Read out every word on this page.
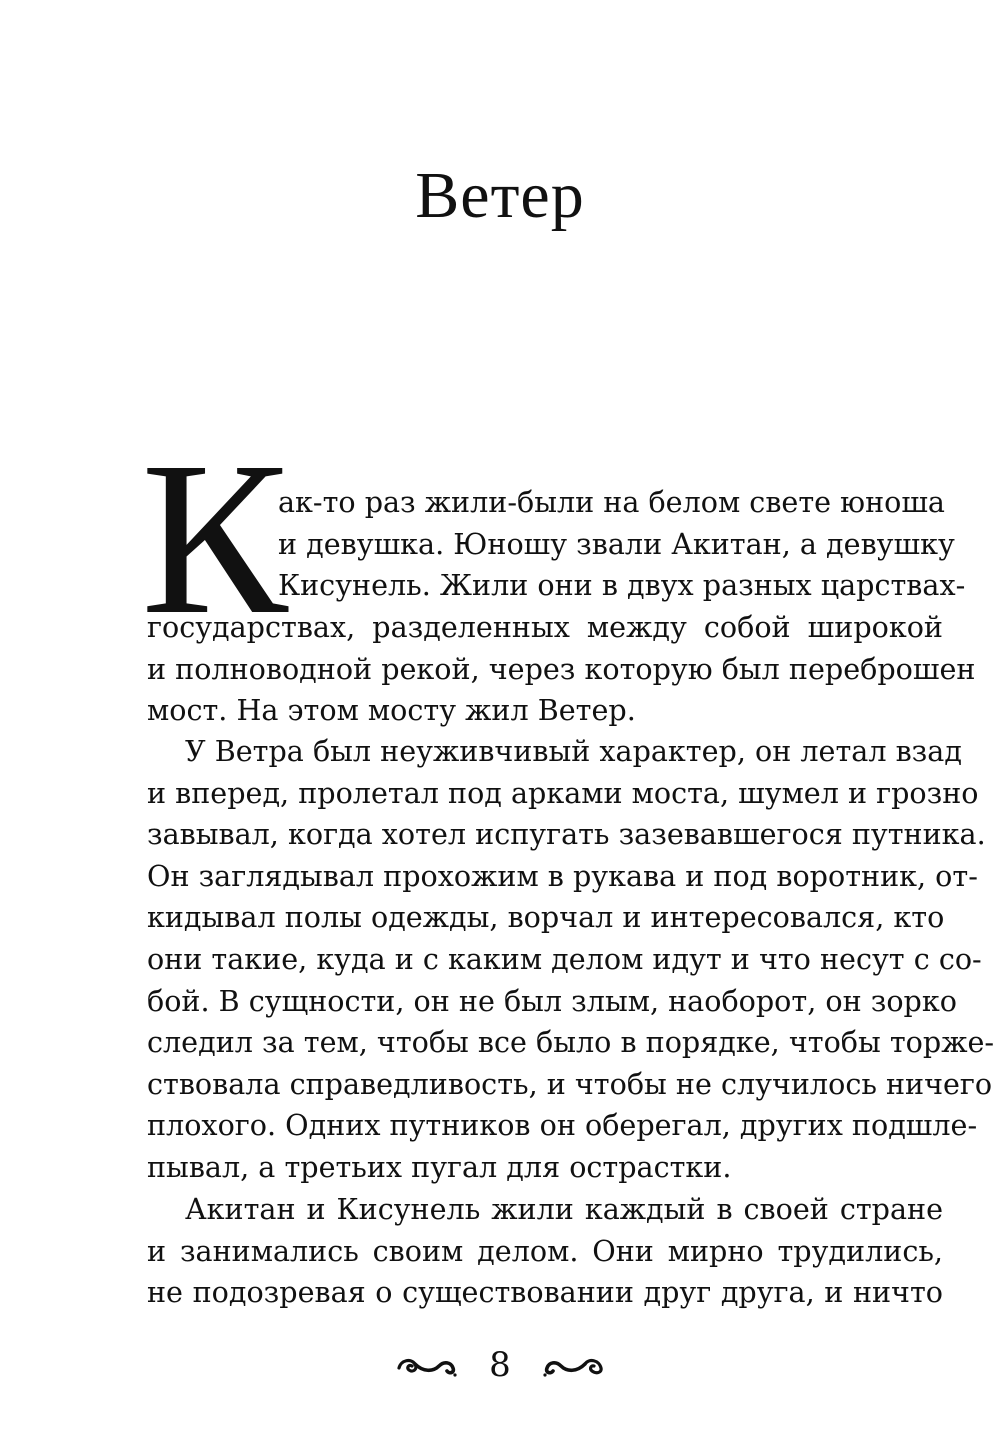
Ветер
К
ак-то раз жили-были на белом свете юноша
и девушка. Юношу звали Акитан, а девушку
Кисунель. Жили они в двух разных царствах-
государствах, разделенных между собой широкой
и полноводной рекой, через которую был переброшен
мост. На этом мосту жил Ветер.
У Ветра был неуживчивый характер, он летал взад
и вперед, пролетал под арками моста, шумел и грозно
завывал, когда хотел испугать зазевавшегося путника.
Он заглядывал прохожим в рукава и под воротник, от-
кидывал полы одежды, ворчал и интересовался, кто
они такие, куда и с каким делом идут и что несут с со-
бой. В сущности, он не был злым, наоборот, он зорко
следил за тем, чтобы все было в порядке, чтобы торже-
ствовала справедливость, и чтобы не случилось ничего
плохого. Одних путников он оберегал, других подшле-
пывал, а третьих пугал для острастки.
Акитан и Кисунель жили каждый в своей стране
и занимались своим делом. Они мирно трудились,
не подозревая о существовании друг друга, и ничто
8
